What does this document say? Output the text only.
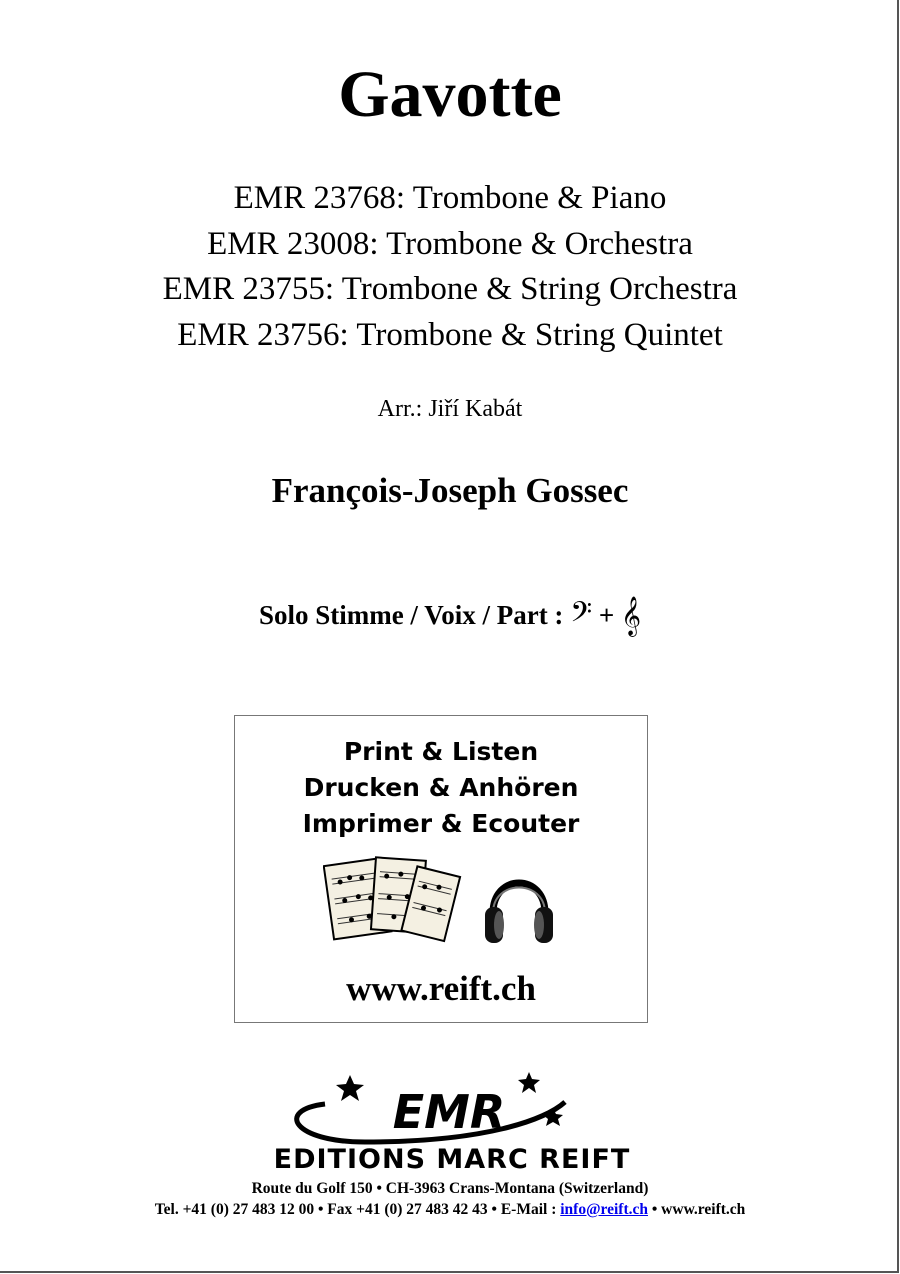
Gavotte
EMR 23768: Trombone & Piano
EMR 23008: Trombone & Orchestra
EMR 23755: Trombone & String Orchestra
EMR 23756: Trombone & String Quintet
Arr.: Jiří Kabát
François-Joseph Gossec
Solo Stimme / Voix / Part : 𝄢 + 𝄞
Print & Listen
Drucken & Anhören
Imprimer & Ecouter
www.reift.ch
EMR
EDITIONS MARC REIFT
Route du Golf 150 • CH-3963 Crans-Montana (Switzerland)
Tel. +41 (0) 27 483 12 00 • Fax +41 (0) 27 483 42 43 • E-Mail : info@reift.ch • www.reift.ch
